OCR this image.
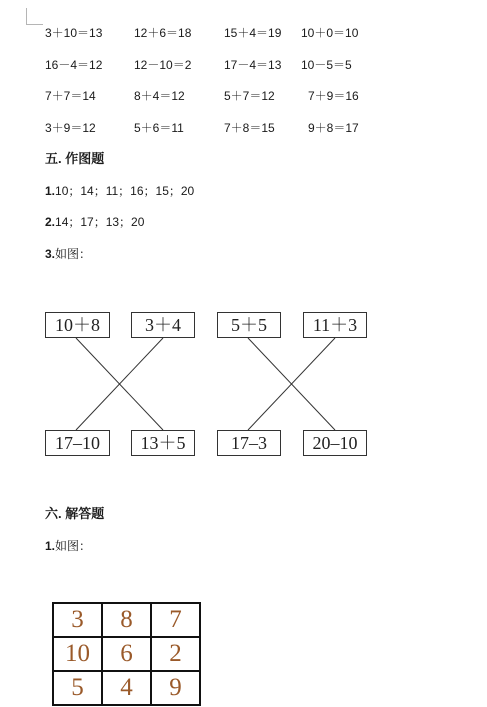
3＋10＝13	12＋6＝18	15＋4＝19 10＋0＝10
16－4＝12	12－10＝2	17－4＝13 10－5＝5
7＋7＝14	8＋4＝12	5＋7＝12	7＋9＝16
3＋9＝12	5＋6＝11	7＋8＝15	9＋8＝17
五. 作图题
1.10；14；11；16；15；20
2.14；17；13；20
3.如图：
10＋8	3＋4	5＋5	11＋3
17–10	13＋5	17–3	20–10
六. 解答题
1.如图：
3	8	7
10	6	2
5	4	9
